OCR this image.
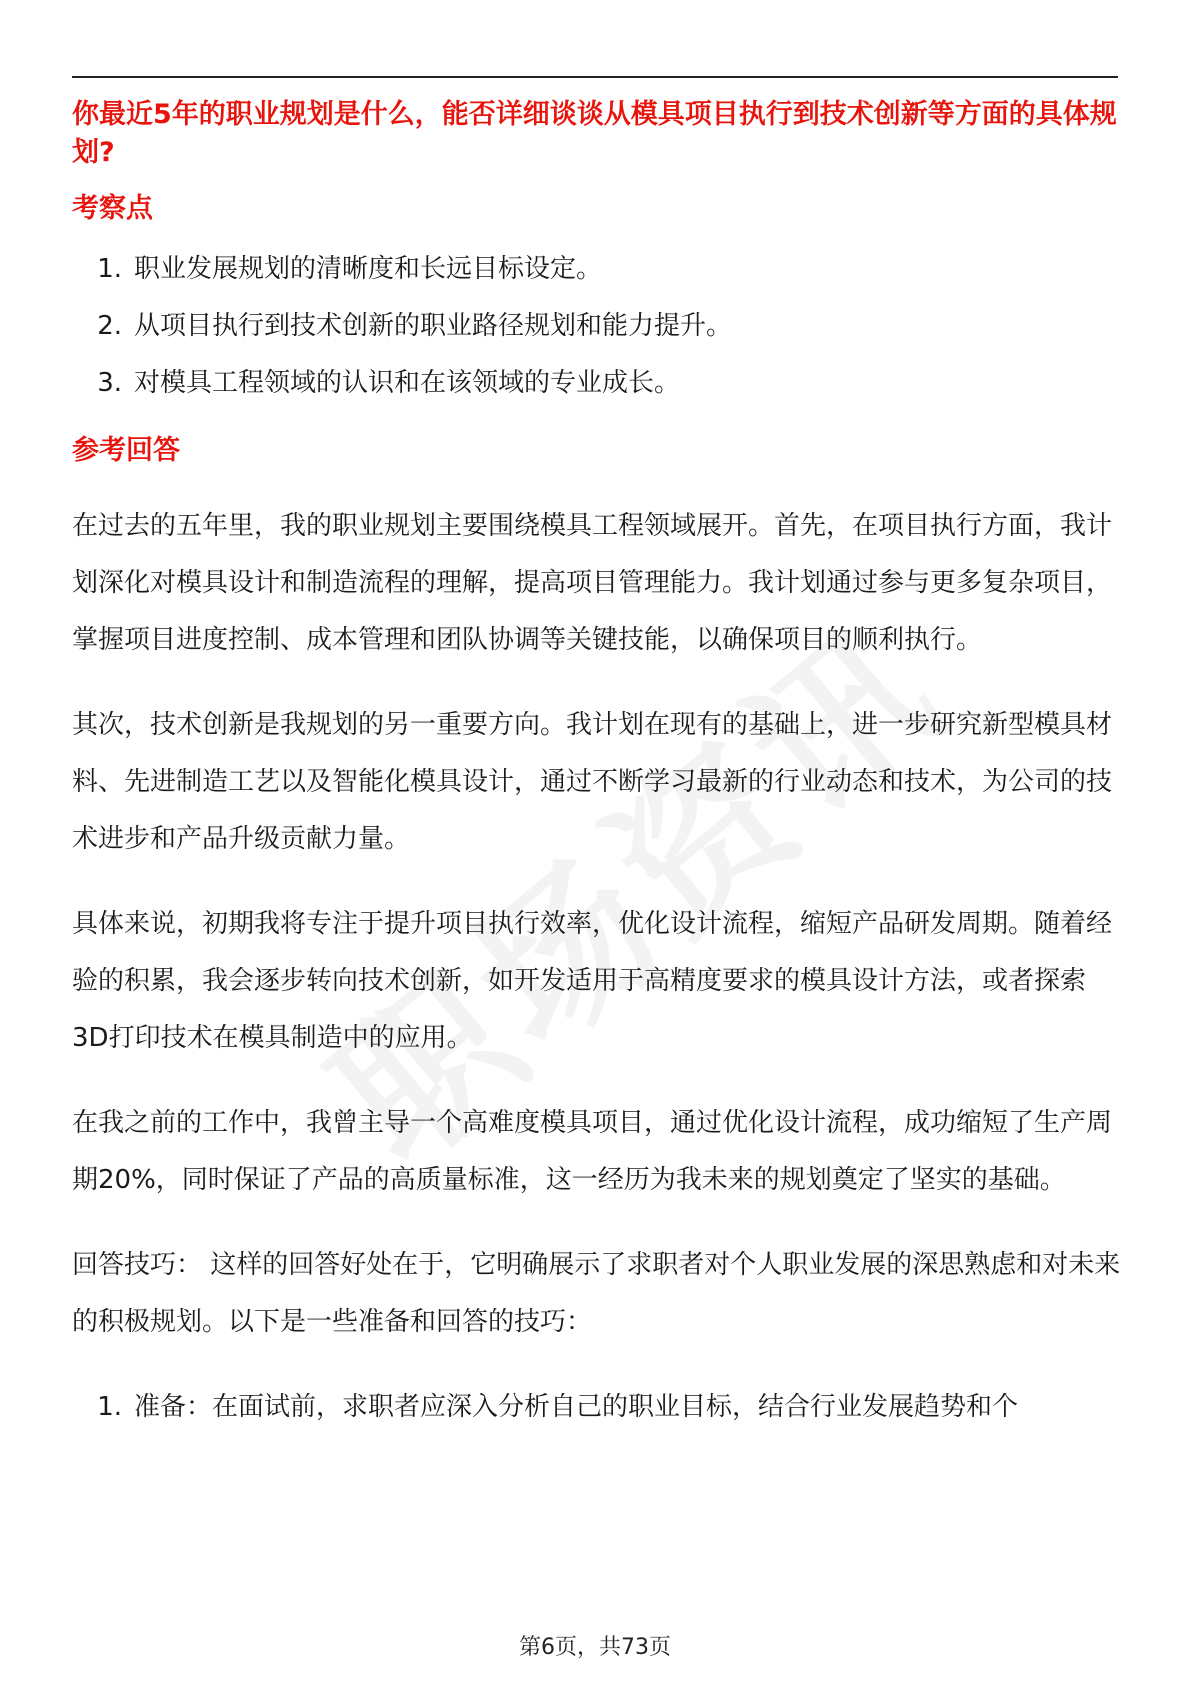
你最近5年的职业规划是什么，能否详细谈谈从模具项目执行到技术创新等方面的具体规划?

考察点

1. 职业发展规划的清晰度和长远目标设定。
2. 从项目执行到技术创新的职业路径规划和能力提升。
3. 对模具工程领域的认识和在该领域的专业成长。

参考回答

在过去的五年里，我的职业规划主要围绕模具工程领域展开。首先，在项目执行方面，我计划深化对模具设计和制造流程的理解，提高项目管理能力。我计划通过参与更多复杂项目，掌握项目进度控制、成本管理和团队协调等关键技能，以确保项目的顺利执行。

其次，技术创新是我规划的另一重要方向。我计划在现有的基础上，进一步研究新型模具材料、先进制造工艺以及智能化模具设计，通过不断学习最新的行业动态和技术，为公司的技术进步和产品升级贡献力量。

具体来说，初期我将专注于提升项目执行效率，优化设计流程，缩短产品研发周期。随着经验的积累，我会逐步转向技术创新，如开发适用于高精度要求的模具设计方法，或者探索3D打印技术在模具制造中的应用。

在我之前的工作中，我曾主导一个高难度模具项目，通过优化设计流程，成功缩短了生产周期20%，同时保证了产品的高质量标准，这一经历为我未来的规划奠定了坚实的基础。

回答技巧： 这样的回答好处在于，它明确展示了求职者对个人职业发展的深思熟虑和对未来的积极规划。以下是一些准备和回答的技巧：

1. 准备：在面试前，求职者应深入分析自己的职业目标，结合行业发展趋势和个
第6页，共73页
